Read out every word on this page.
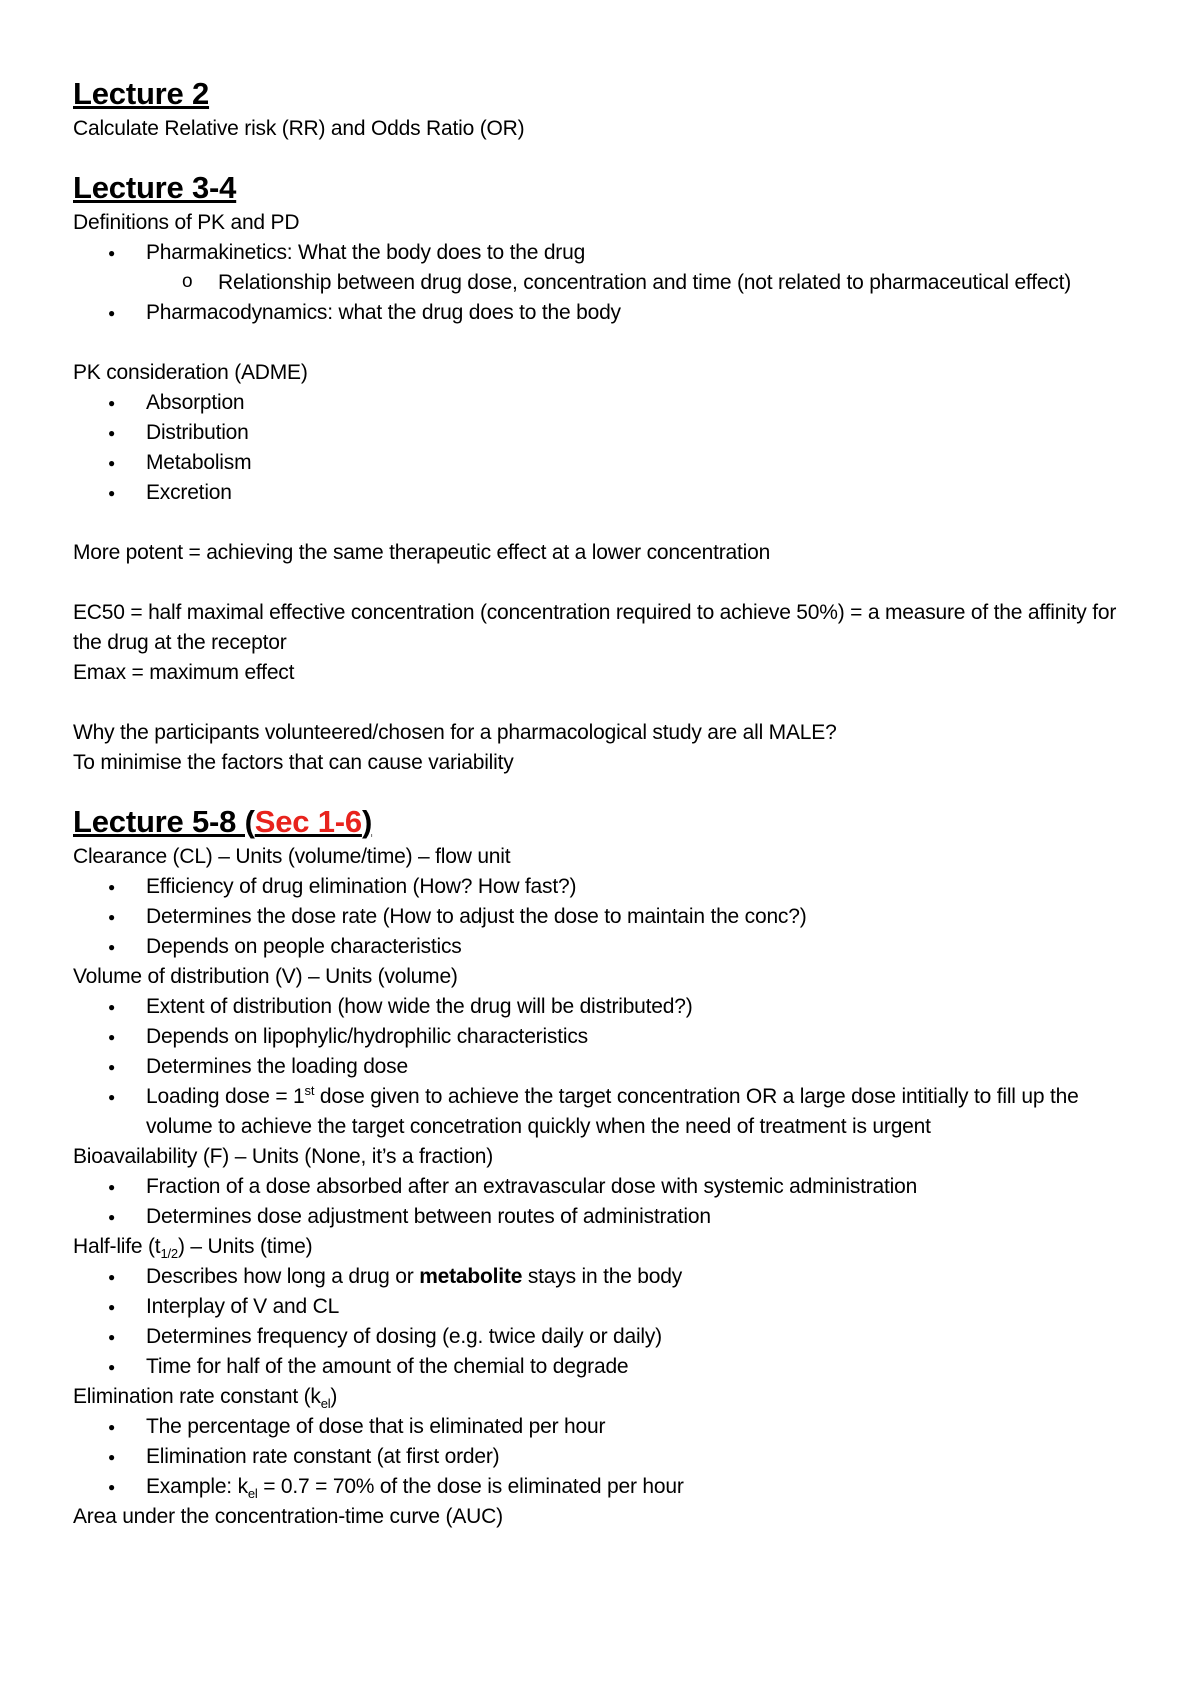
Lecture 2

Calculate Relative risk (RR) and Odds Ratio (OR)

Lecture 3-4

Definitions of PK and PD

● Pharmakinetics: What the body does to the drug
o Relationship between drug dose, concentration and time (not related to pharmaceutical effect)
● Pharmacodynamics: what the drug does to the body

PK consideration (ADME)

● Absorption
● Distribution
● Metabolism
● Excretion

More potent = achieving the same therapeutic effect at a lower concentration

EC50 = half maximal effective concentration (concentration required to achieve 50%) = a measure of the affinity for the drug at the receptor

Emax = maximum effect

Why the participants volunteered/chosen for a pharmacological study are all MALE?

To minimise the factors that can cause variability

Lecture 5-8 (Sec 1-6)

Clearance (CL) – Units (volume/time) – flow unit

● Efficiency of drug elimination (How? How fast?)
● Determines the dose rate (How to adjust the dose to maintain the conc?)
● Depends on people characteristics

Volume of distribution (V) – Units (volume)

● Extent of distribution (how wide the drug will be distributed?)
● Depends on lipophylic/hydrophilic characteristics
● Determines the loading dose
● Loading dose = 1st dose given to achieve the target concentration OR a large dose intitially to fill up the volume to achieve the target concetration quickly when the need of treatment is urgent

Bioavailability (F) – Units (None, it’s a fraction)

● Fraction of a dose absorbed after an extravascular dose with systemic administration
● Determines dose adjustment between routes of administration

Half-life $(t_{1/2})$ – Units (time)

● Describes how long a drug or metabolite stays in the body
● Interplay of V and CL
● Determines frequency of dosing (e.g. twice daily or daily)
● Time for half of the amount of the chemial to degrade

Elimination rate constant $(k_{el})$

● The percentage of dose that is eliminated per hour
● Elimination rate constant (at first order)
● Example: $k_{el} = 0.7 = 70\%$ of the dose is eliminated per hour

Area under the concentration-time curve (AUC)
